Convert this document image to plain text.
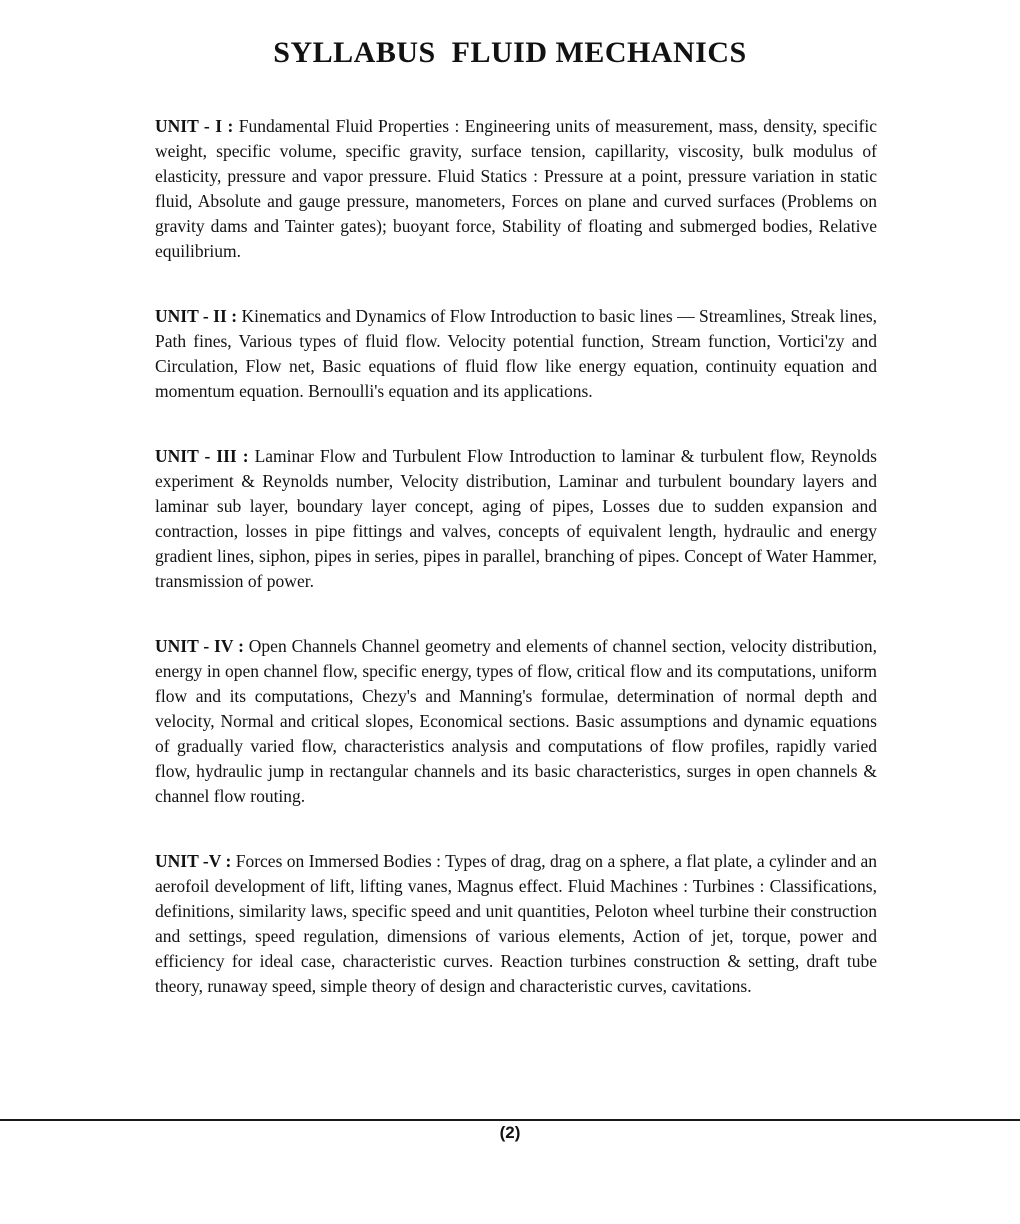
SYLLABUS  FLUID MECHANICS

UNIT - I : Fundamental Fluid Properties : Engineering units of measurement, mass, density, specific weight, specific volume, specific gravity, surface tension, capillarity, viscosity, bulk modulus of elasticity, pressure and vapor pressure. Fluid Statics : Pressure at a point, pressure variation in static fluid, Absolute and gauge pressure, manometers, Forces on plane and curved surfaces (Problems on gravity dams and Tainter gates); buoyant force, Stability of floating and submerged bodies, Relative equilibrium.

UNIT - II : Kinematics and Dynamics of Flow Introduction to basic lines — Streamlines, Streak lines, Path fines, Various types of fluid flow. Velocity potential function, Stream function, Vortici'zy and Circulation, Flow net, Basic equations of fluid flow like energy equation, continuity equation and momentum equation. Bernoulli's equation and its applications.

UNIT - III : Laminar Flow and Turbulent Flow Introduction to laminar & turbulent flow, Reynolds experiment & Reynolds number, Velocity distribution, Laminar and turbulent boundary layers and laminar sub layer, boundary layer concept, aging of pipes, Losses due to sudden expansion and contraction, losses in pipe fittings and valves, concepts of equivalent length, hydraulic and energy gradient lines, siphon, pipes in series, pipes in parallel, branching of pipes. Concept of Water Hammer, transmission of power.

UNIT - IV : Open Channels Channel geometry and elements of channel section, velocity distribution, energy in open channel flow, specific energy, types of flow, critical flow and its computations, uniform flow and its computations, Chezy's and Manning's formulae, determination of normal depth and velocity, Normal and critical slopes, Economical sections. Basic assumptions and dynamic equations of gradually varied flow, characteristics analysis and computations of flow profiles, rapidly varied flow, hydraulic jump in rectangular channels and its basic characteristics, surges in open channels & channel flow routing.

UNIT -V : Forces on Immersed Bodies : Types of drag, drag on a sphere, a flat plate, a cylinder and an aerofoil development of lift, lifting vanes, Magnus effect. Fluid Machines : Turbines : Classifications, definitions, similarity laws, specific speed and unit quantities, Peloton wheel turbine their construction and settings, speed regulation, dimensions of various elements, Action of jet, torque, power and efficiency for ideal case, characteristic curves. Reaction turbines construction & setting, draft tube theory, runaway speed, simple theory of design and characteristic curves, cavitations.

(2)
